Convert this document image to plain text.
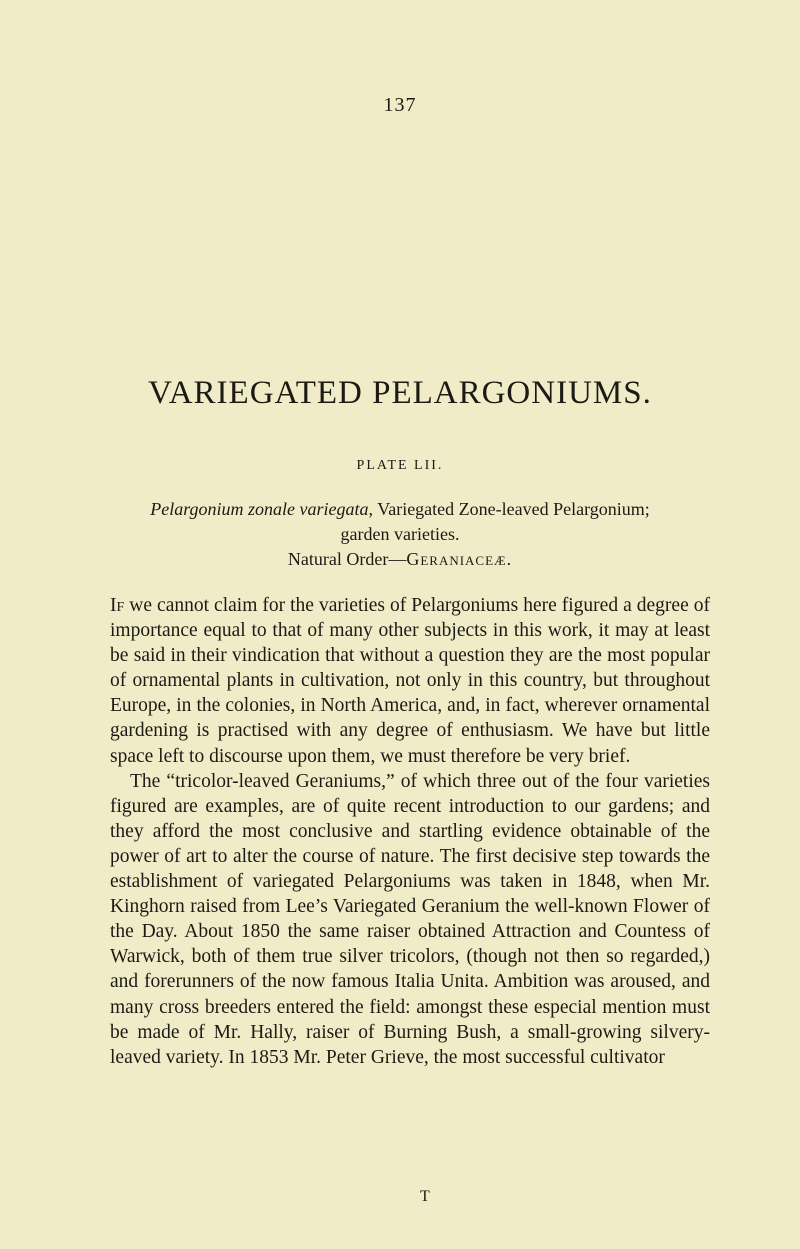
137
VARIEGATED PELARGONIUMS.
PLATE LII.
Pelargonium zonale variegata, Variegated Zone-leaved Pelargonium;
garden varieties.
Natural Order—Geraniaceæ.

If we cannot claim for the varieties of Pelargoniums here figured a degree of importance equal to that of many other subjects in this work, it may at least be said in their vindication that without a question they are the most popular of ornamental plants in cultivation, not only in this country, but throughout Europe, in the colonies, in North America, and, in fact, wherever ornamental gardening is practised with any degree of enthusiasm. We have but little space left to discourse upon them, we must therefore be very brief.

The “tricolor-leaved Geraniums,” of which three out of the four varieties figured are examples, are of quite recent introduction to our gardens; and they afford the most conclusive and startling evidence obtainable of the power of art to alter the course of nature. The first decisive step towards the establishment of variegated Pelargoniums was taken in 1848, when Mr. Kinghorn raised from Lee’s Variegated Geranium the well-known Flower of the Day. About 1850 the same raiser obtained Attraction and Countess of Warwick, both of them true silver tricolors, (though not then so regarded,) and forerunners of the now famous Italia Unita. Ambition was aroused, and many cross breeders entered the field: amongst these especial mention must be made of Mr. Hally, raiser of Burning Bush, a small-growing silvery-leaved variety. In 1853 Mr. Peter Grieve, the most successful cultivator

T
